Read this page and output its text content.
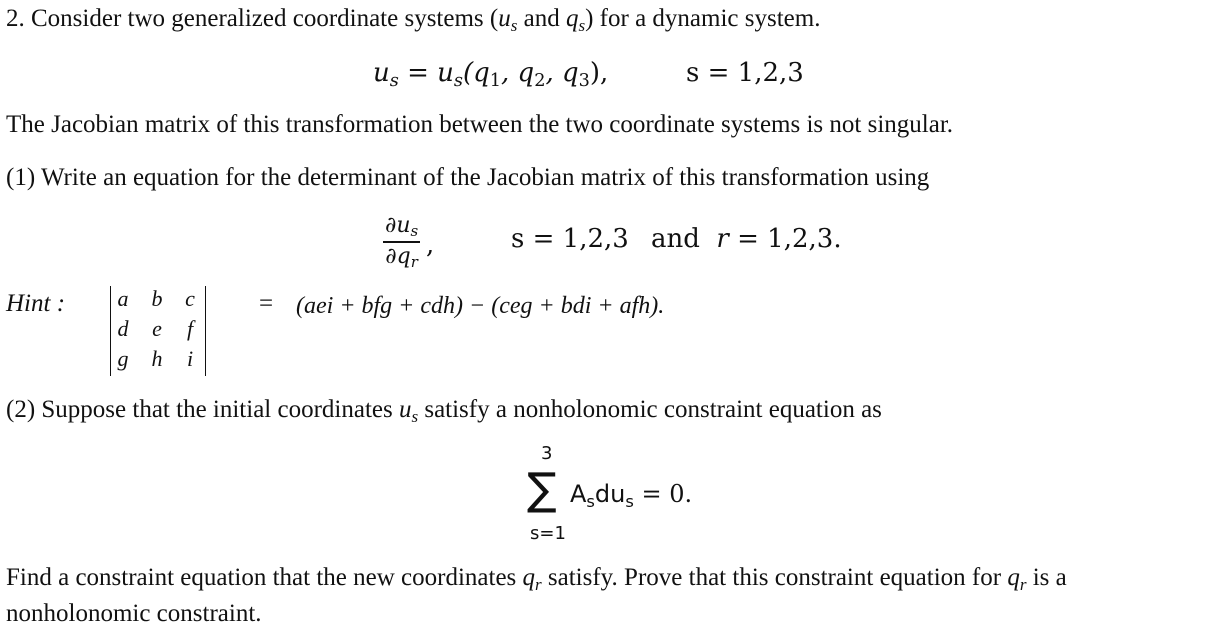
2. Consider two generalized coordinate systems ($u_s$ and $q_s$) for a dynamic system.
$u_s = u_s(q_1$, $q_2$, $q_3$),	s = 1,2,3
The Jacobian matrix of this transformation between the two coordinate systems is not singular.
(1) Write an equation for the determinant of the Jacobian matrix of this transformation using
$\frac{\partial u_s}{\partial q_r}$ ,	s = 1,2,3 and r = 1,2,3.
Hint :	a	b	c
d	e	f
g	h	i
= (aei + bfg + cdh) − (ceg + bdi + afh).
(2) Suppose that the initial coordinates $u_s$ satisfy a nonholonomic constraint equation as
3
∑
s=1
$A_sdu_s = 0$.
Find a constraint equation that the new coordinates $q_r$ satisfy. Prove that this constraint equation for $q_r$ is a
nonholonomic constraint.
